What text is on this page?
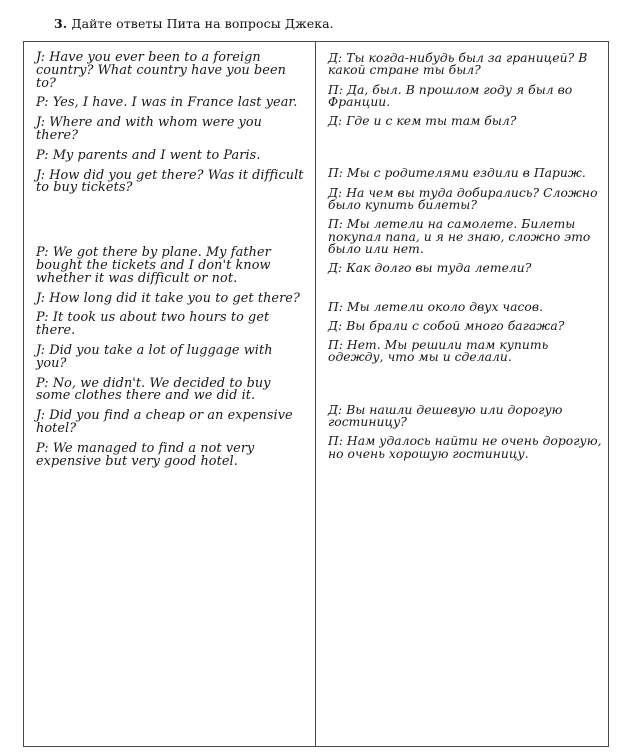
3. Дайте ответы Пита на вопросы Джека.

J: Have you ever been to a foreign country? What country have you been to?

P: Yes, I have. I was in France last year.

J: Where and with whom were you there?

P: My parents and I went to Paris.

J: How did you get there? Was it difficult to buy tickets?

P: We got there by plane. My father bought the tickets and I don't know whether it was difficult or not.

J: How long did it take you to get there?

P: It took us about two hours to get there.

J: Did you take a lot of luggage with you?

P: No, we didn't. We decided to buy some clothes there and we did it.

J: Did you find a cheap or an expensive hotel?

P: We managed to find a not very expensive but very good hotel.

Д: Ты когда-нибудь был за границей? В какой стране ты был?

П: Да, был. В прошлом году я был во Франции.

Д: Где и с кем ты там был?

П: Мы с родителями ездили в Париж.

Д: На чем вы туда добирались? Сложно было купить билеты?

П: Мы летели на самолете. Билеты покупал папа, и я не знаю, сложно это было или нет.

Д: Как долго вы туда летели?

П: Мы летели около двух часов.

Д: Вы брали с собой много багажа?

П: Нет. Мы решили там купить одежду, что мы и сделали.

Д: Вы нашли дешевую или дорогую гостиницу?

П: Нам удалось найти не очень дорогую, но очень хорошую гостиницу.
